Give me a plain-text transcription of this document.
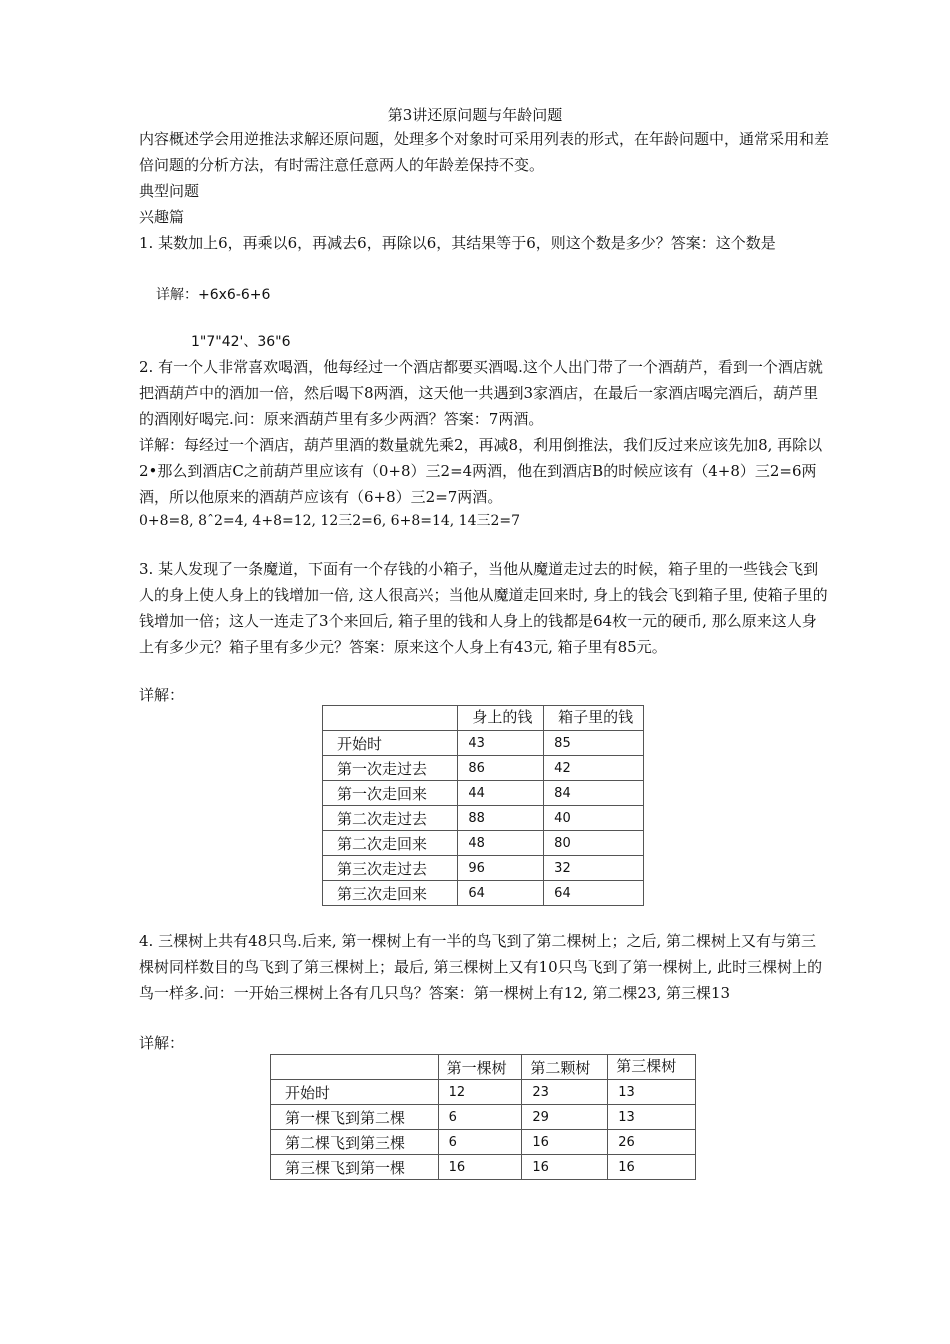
第3讲还原问题与年龄问题
内容概述学会用逆推法求解还原问题，处理多个对象时可采用列表的形式，在年龄问题中，通常采用和差倍问题的分析方法，有时需注意任意两人的年龄差保持不变。
典型问题
兴趣篇
1. 某数加上6，再乘以6，再减去6，再除以6，其结果等于6，则这个数是多少？答案：这个数是
详解：+6x6-6+6
1"7"42'、36"6
2. 有一个人非常喜欢喝酒，他每经过一个酒店都要买酒喝.这个人出门带了一个酒葫芦，看到一个酒店就把酒葫芦中的酒加一倍，然后喝下8两酒，这天他一共遇到3家酒店，在最后一家酒店喝完酒后，葫芦里的酒刚好喝完.问：原来酒葫芦里有多少两酒？答案：7两酒。
详解：每经过一个酒店，葫芦里酒的数量就先乘2，再减8，利用倒推法，我们反过来应该先加8, 再除以2•那么到酒店C之前葫芦里应该有（0+8）三2=4两酒，他在到酒店B的时候应该有（4+8）三2=6两酒，所以他原来的酒葫芦应该有（6+8）三2=7两酒。
0+8=8, 8ˆ2=4, 4+8=12, 12三2=6, 6+8=14, 14三2=7
3. 某人发现了一条魔道，下面有一个存钱的小箱子，当他从魔道走过去的时候，箱子里的一些钱会飞到人的身上使人身上的钱增加一倍, 这人很高兴；当他从魔道走回来时, 身上的钱会飞到箱子里, 使箱子里的钱增加一倍；这人一连走了3个来回后, 箱子里的钱和人身上的钱都是64枚一元的硬币, 那么原来这人身上有多少元？箱子里有多少元？答案：原来这个人身上有43元, 箱子里有85元。
详解：
	身上的钱	箱子里的钱
开始时	43	85
第一次走过去	86	42
第一次走回来	44	84
第二次走过去	88	40
第二次走回来	48	80
第三次走过去	96	32
第三次走回来	64	64
4. 三棵树上共有48只鸟.后来, 第一棵树上有一半的鸟飞到了第二棵树上；之后, 第二棵树上又有与第三棵树同样数目的鸟飞到了第三棵树上；最后, 第三棵树上又有10只鸟飞到了第一棵树上, 此时三棵树上的鸟一样多.问：一开始三棵树上各有几只鸟？答案：第一棵树上有12, 第二棵23, 第三棵13
详解：
	第一棵树	第二颗树	第三棵树
开始时	12	23	13
第一棵飞到第二棵	6	29	13
第二棵飞到第三棵	6	16	26
第三棵飞到第一棵	16	16	16
